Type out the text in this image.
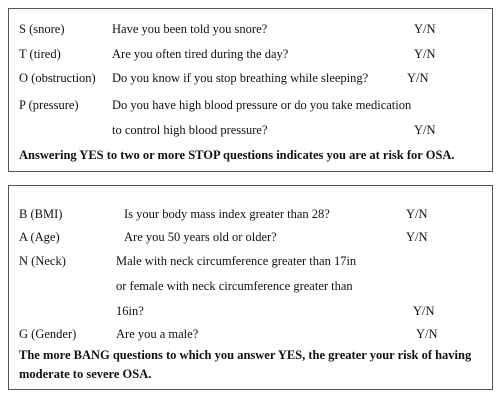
S (snore)	Have you been told you snore?	Y/N
T (tired)	Are you often tired during the day?	Y/N
O (obstruction) Do you know if you stop breathing while sleeping?	Y/N
P (pressure)	Do you have high blood pressure or do you take medication
to control high blood pressure?	Y/N
Answering YES to two or more STOP questions indicates you are at risk for OSA.
B (BMI)	Is your body mass index greater than 28?	Y/N
A (Age)	Are you 50 years old or older?	Y/N
N (Neck)	Male with neck circumference greater than 17in
or female with neck circumference greater than
16in?	Y/N
G (Gender)	Are you a male?	Y/N
The more BANG questions to which you answer YES, the greater your risk of having
moderate to severe OSA.
